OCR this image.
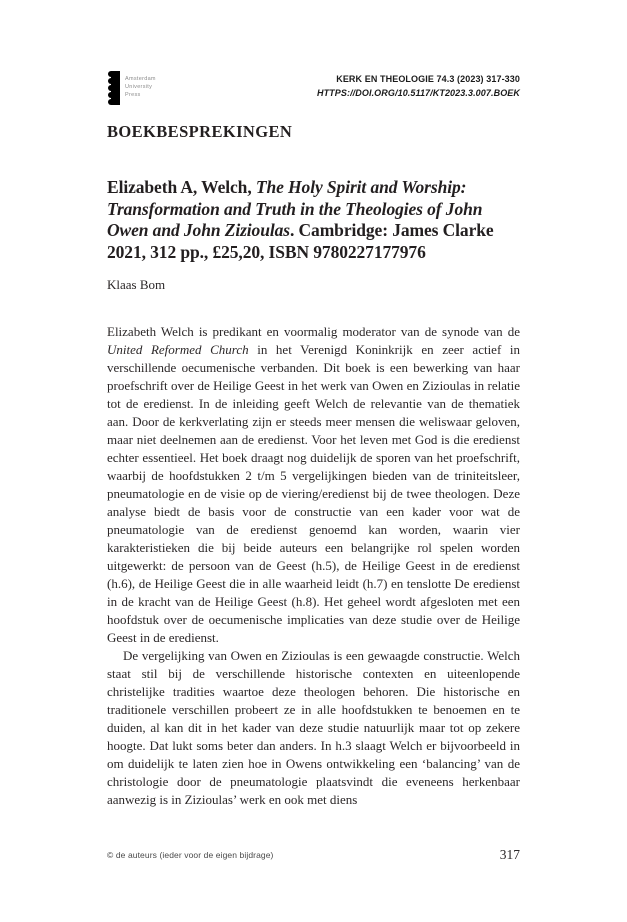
Amsterdam
University
Press
KERK EN THEOLOGIE 74.3 (2023) 317-330
HTTPS://DOI.ORG/10.5117/KT2023.3.007.BOEK
BOEKBESPREKINGEN
Elizabeth A, Welch, The Holy Spirit and Worship:
Transformation and Truth in the Theologies of John
Owen and John Zizioulas. Cambridge: James Clarke
2021, 312 pp., £25,20, ISBN 9780227177976
Klaas Bom

Elizabeth Welch is predikant en voormalig moderator van de synode van de United Reformed Church in het Verenigd Koninkrijk en zeer actief in verschillende oecumenische verbanden. Dit boek is een bewerking van haar proefschrift over de Heilige Geest in het werk van Owen en Zizioulas in relatie tot de eredienst. In de inleiding geeft Welch de relevantie van de thematiek aan. Door de kerkverlating zijn er steeds meer mensen die weliswaar geloven, maar niet deelnemen aan de eredienst. Voor het leven met God is die eredienst echter essentieel. Het boek draagt nog duidelijk de sporen van het proefschrift, waarbij de hoofdstukken 2 t/m 5 vergelijkingen bieden van de triniteitsleer, pneumatologie en de visie op de viering/eredienst bij de twee theologen. Deze analyse biedt de basis voor de constructie van een kader voor wat de pneumatologie van de eredienst genoemd kan worden, waarin vier karakteristieken die bij beide auteurs een belangrijke rol spelen worden uitgewerkt: de persoon van de Geest (h.5), de Heilige Geest in de eredienst (h.6), de Heilige Geest die in alle waarheid leidt (h.7) en tenslotte De eredienst in de kracht van de Heilige Geest (h.8). Het geheel wordt afgesloten met een hoofdstuk over de oecumenische implicaties van deze studie over de Heilige Geest in de eredienst.

De vergelijking van Owen en Zizioulas is een gewaagde constructie. Welch staat stil bij de verschillende historische contexten en uiteenlopende christelijke tradities waartoe deze theologen behoren. Die historische en traditionele verschillen probeert ze in alle hoofdstukken te benoemen en te duiden, al kan dit in het kader van deze studie natuurlijk maar tot op zekere hoogte. Dat lukt soms beter dan anders. In h.3 slaagt Welch er bijvoorbeeld in om duidelijk te laten zien hoe in Owens ontwikkeling een ‘balancing’ van de christologie door de pneumatologie plaatsvindt die eveneens herkenbaar aanwezig is in Zizioulas’ werk en ook met diens

© de auteurs (ieder voor de eigen bijdrage)	317
